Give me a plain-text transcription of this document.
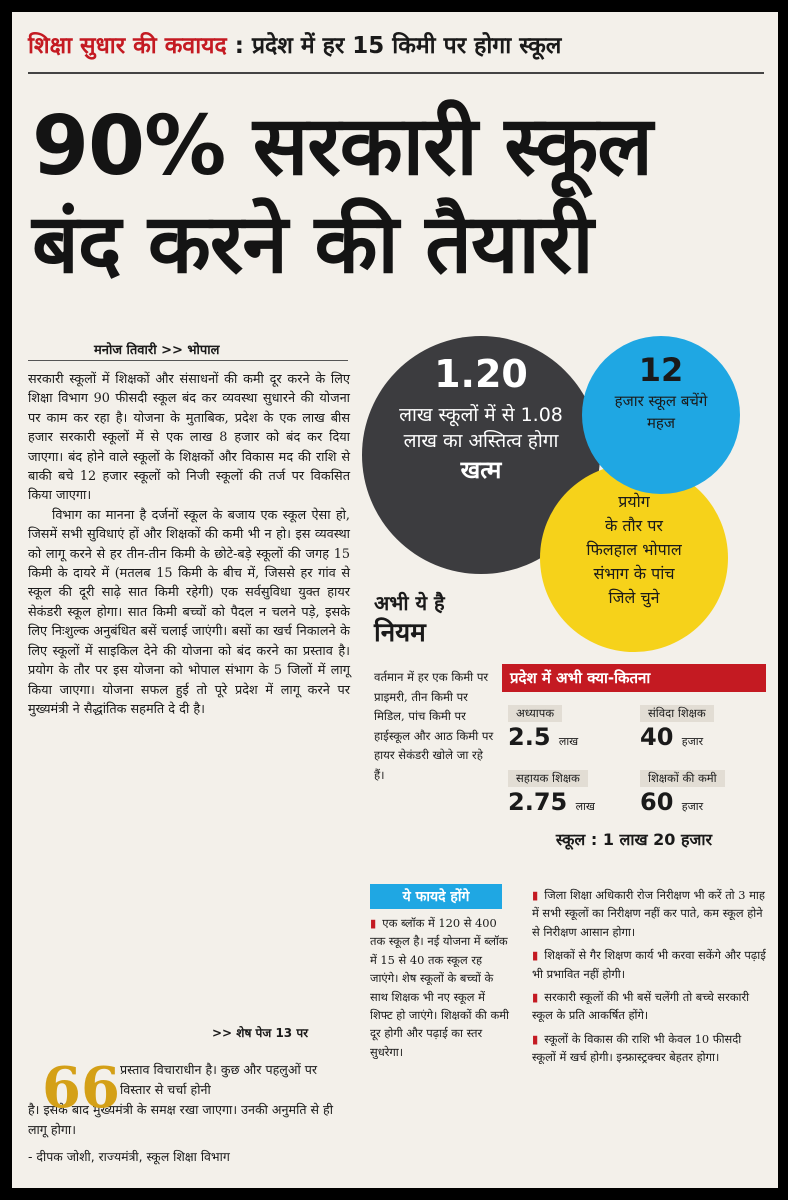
शिक्षा सुधार की कवायद : प्रदेश में हर 15 किमी पर होगा स्कूल
90% सरकारी स्कूल
बंद करने की तैयारी
मनोज तिवारी >> भोपाल

सरकारी स्कूलों में शिक्षकों और संसाधनों की कमी दूर करने के लिए शिक्षा विभाग 90 फीसदी स्कूल बंद कर व्यवस्था सुधारने की योजना पर काम कर रहा है। योजना के मुताबिक, प्रदेश के एक लाख बीस हजार सरकारी स्कूलों में से एक लाख 8 हजार को बंद कर दिया जाएगा। बंद होने वाले स्कूलों के शिक्षकों और विकास मद की राशि से बाकी बचे 12 हजार स्कूलों को निजी स्कूलों की तर्ज पर विकसित किया जाएगा।

विभाग का मानना है दर्जनों स्कूल के बजाय एक स्कूल ऐसा हो, जिसमें सभी सुविधाएं हों और शिक्षकों की कमी भी न हो। इस व्यवस्था को लागू करने से हर तीन-तीन किमी के छोटे-बड़े स्कूलों की जगह 15 किमी के दायरे में (मतलब 15 किमी के बीच में, जिससे हर गांव से स्कूल की दूरी साढ़े सात किमी रहेगी) एक सर्वसुविधा युक्त हायर सेकंडरी स्कूल होगा। सात किमी बच्चों को पैदल न चलने पड़े, इसके लिए निःशुल्क अनुबंधित बसें चलाई जाएंगी। बसों का खर्च निकालने के लिए स्कूलों में साइकिल देने की योजना को बंद करने का प्रस्ताव है। प्रयोग के तौर पर इस योजना को भोपाल संभाग के 5 जिलों में लागू किया जाएगा। योजना सफल हुई तो पूरे प्रदेश में लागू करने पर मुख्यमंत्री ने सैद्धांतिक सहमति दे दी है।

>> शेष पेज 13 पर
66 प्रस्ताव विचाराधीन है। कुछ और पहलुओं पर विस्तार से चर्चा होनी
है। इसके बाद मुख्यमंत्री के समक्ष रखा जाएगा। उनकी अनुमति से ही लागू होगा।
- दीपक जोशी, राज्यमंत्री, स्कूल शिक्षा विभाग
1.20
लाख स्कूलों में से 1.08 लाख का अस्तित्व होगा
खत्म
प्रयोग
के तौर पर
फिलहाल भोपाल
संभाग के पांच
जिले चुने
12
हजार स्कूल बचेंगे महज
अभी ये है
नियम
वर्तमान में हर एक किमी पर प्राइमरी, तीन किमी पर मिडिल, पांच किमी पर हाईस्कूल और आठ किमी पर हायर सेकंडरी खोले जा रहे हैं।
प्रदेश में अभी क्या-कितना
अध्यापक
2.5 लाख
संविदा शिक्षक
40 हजार
सहायक शिक्षक
2.75 लाख
शिक्षकों की कमी
60 हजार
स्कूल : 1 लाख 20 हजार
ये फायदे होंगे
▮ एक ब्लॉक में 120 से 400 तक स्कूल है। नई योजना में ब्लॉक में 15 से 40 तक स्कूल रह जाएंगे। शेष स्कूलों के बच्चों के साथ शिक्षक भी नए स्कूल में शिफ्ट हो जाएंगे। शिक्षकों की कमी दूर होगी और पढ़ाई का स्तर सुधरेगा।
▮ जिला शिक्षा अधिकारी रोज निरीक्षण भी करें तो 3 माह में सभी स्कूलों का निरीक्षण नहीं कर पाते, कम स्कूल होने से निरीक्षण आसान होगा।
▮ शिक्षकों से गैर शिक्षण कार्य भी करवा सकेंगे और पढ़ाई भी प्रभावित नहीं होगी।
▮ सरकारी स्कूलों की भी बसें चलेंगी तो बच्चे सरकारी स्कूल के प्रति आकर्षित होंगे।
▮ स्कूलों के विकास की राशि भी केवल 10 फीसदी स्कूलों में खर्च होगी। इन्फ्रास्ट्रक्चर बेहतर होगा।
